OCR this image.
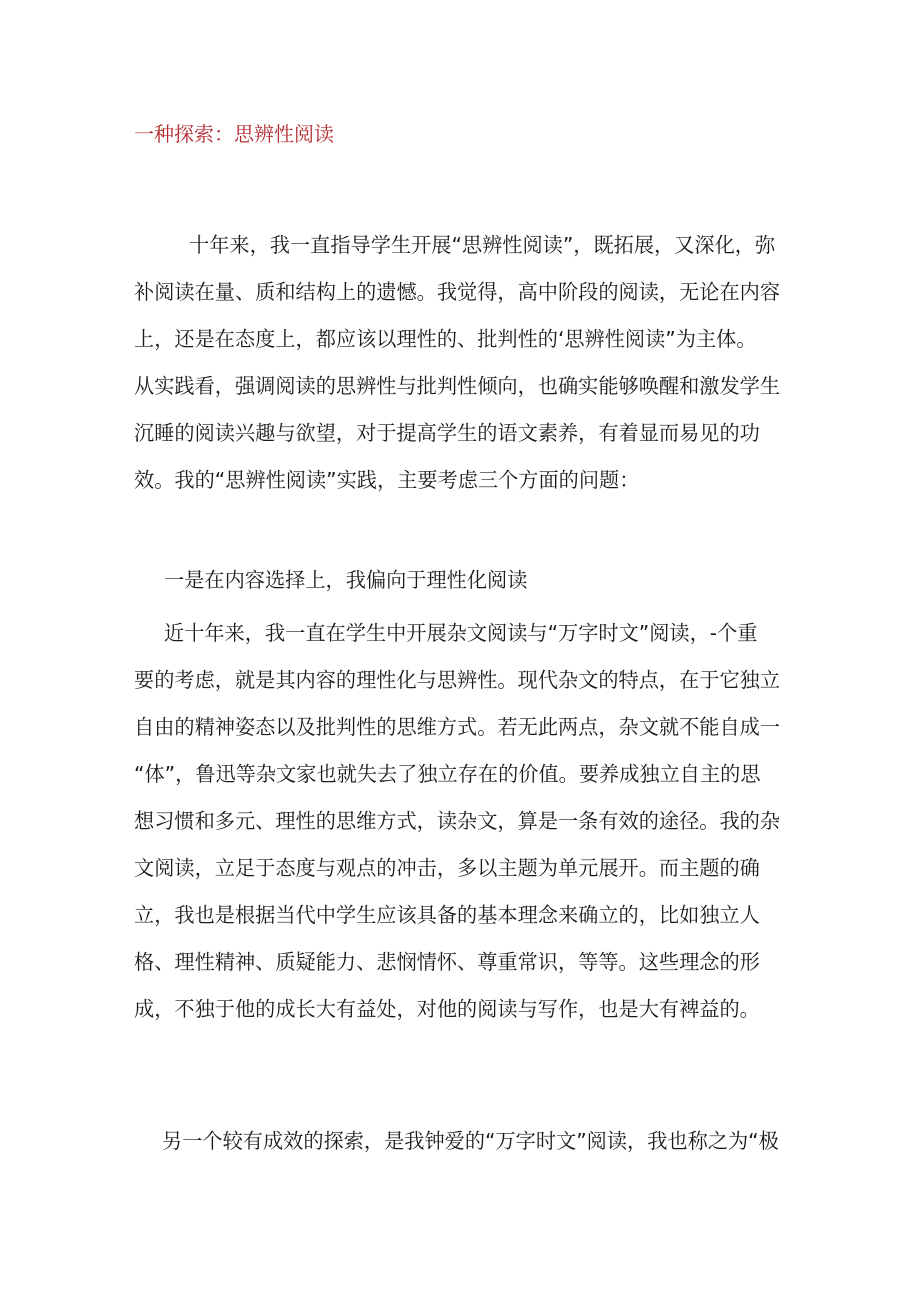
一种探索：思辨性阅读

十年来，我一直指导学生开展“思辨性阅读”，既拓展，又深化，弥
补阅读在量、质和结构上的遗憾。我觉得，高中阶段的阅读，无论在内容
上，还是在态度上，都应该以理性的、批判性的‘思辨性阅读”为主体。
从实践看，强调阅读的思辨性与批判性倾向，也确实能够唤醒和激发学生
沉睡的阅读兴趣与欲望，对于提高学生的语文素养，有着显而易见的功
效。我的“思辨性阅读”实践，主要考虑三个方面的问题：

一是在内容选择上，我偏向于理性化阅读

近十年来，我一直在学生中开展杂文阅读与“万字时文”阅读，-个重
要的考虑，就是其内容的理性化与思辨性。现代杂文的特点，在于它独立
自由的精神姿态以及批判性的思维方式。若无此两点，杂文就不能自成一
“体”，鲁迅等杂文家也就失去了独立存在的价值。要养成独立自主的思
想习惯和多元、理性的思维方式，读杂文，算是一条有效的途径。我的杂
文阅读，立足于态度与观点的冲击，多以主题为单元展开。而主题的确
立，我也是根据当代中学生应该具备的基本理念来确立的，比如独立人
格、理性精神、质疑能力、悲悯情怀、尊重常识，等等。这些理念的形
成，不独于他的成长大有益处，对他的阅读与写作，也是大有裨益的。

另一个较有成效的探索，是我钟爱的“万字时文”阅读，我也称之为“极
